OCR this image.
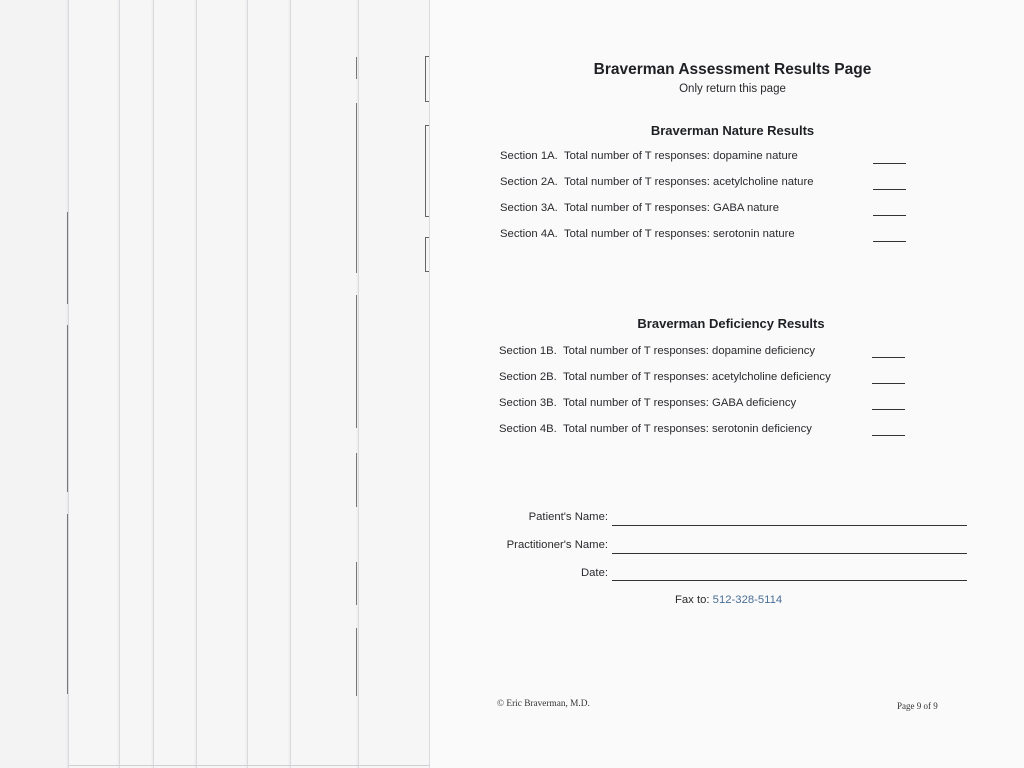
Braverman Assessment Results Page
Only return this page
Braverman Nature Results
Section 1A. Total number of T responses: dopamine nature
Section 2A. Total number of T responses: acetylcholine nature
Section 3A. Total number of T responses: GABA nature
Section 4A. Total number of T responses: serotonin nature
Braverman Deficiency Results
Section 1B. Total number of T responses: dopamine deficiency
Section 2B. Total number of T responses: acetylcholine deficiency
Section 3B. Total number of T responses: GABA deficiency
Section 4B. Total number of T responses: serotonin deficiency
Patient's Name:
Practitioner's Name:
Date:
Fax to: 512-328-5114
© Eric Braverman, M.D.	Page 9 of 9
